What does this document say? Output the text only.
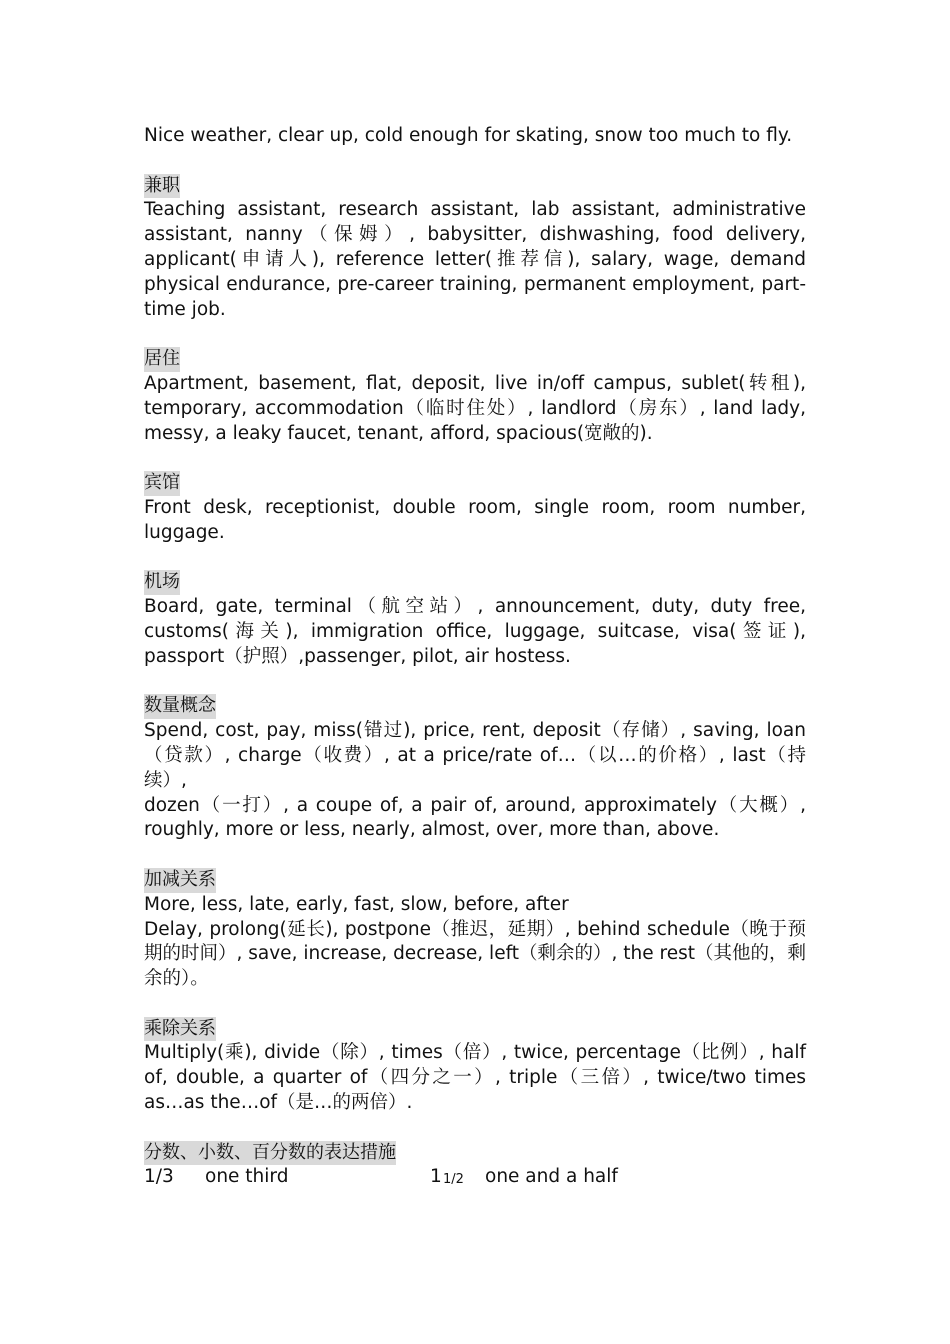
Nice weather, clear up, cold enough for skating, snow too much to fly.

兼职

Teaching assistant, research assistant, lab assistant, administrative assistant, nanny（保姆）, babysitter, dishwashing, food delivery, applicant(申请人), reference letter(推荐信), salary, wage, demand physical endurance, pre-career training, permanent employment, part-time job.

居住

Apartment, basement, flat, deposit, live in/off campus, sublet(转租), temporary, accommodation（临时住处）, landlord（房东）, land lady, messy, a leaky faucet, tenant, afford, spacious(宽敞的).

宾馆

Front desk, receptionist, double room, single room, room number, luggage.

机场

Board, gate, terminal（航空站）, announcement, duty, duty free, customs(海关), immigration office, luggage, suitcase, visa(签证), passport（护照）,passenger, pilot, air hostess.

数量概念

Spend, cost, pay, miss(错过), price, rent, deposit（存储）, saving, loan（贷款）, charge（收费）, at a price/rate of…（以…的价格）, last（持续）,

dozen（一打）, a coupe of, a pair of, around, approximately（大概）, roughly, more or less, nearly, almost, over, more than, above.

加减关系

More, less, late, early, fast, slow, before, after

Delay, prolong(延长), postpone（推迟，延期）, behind schedule（晚于预期的时间）, save, increase, decrease, left（剩余的）, the rest（其他的，剩余的）。

乘除关系

Multiply(乘), divide（除）, times（倍）, twice, percentage（比例）, half of, double, a quarter of（四分之一）, triple（三倍）, twice/two times as…as the…of（是…的两倍）.

分数、小数、百分数的表达措施
1/3 one third	1 1/2 one and a half
